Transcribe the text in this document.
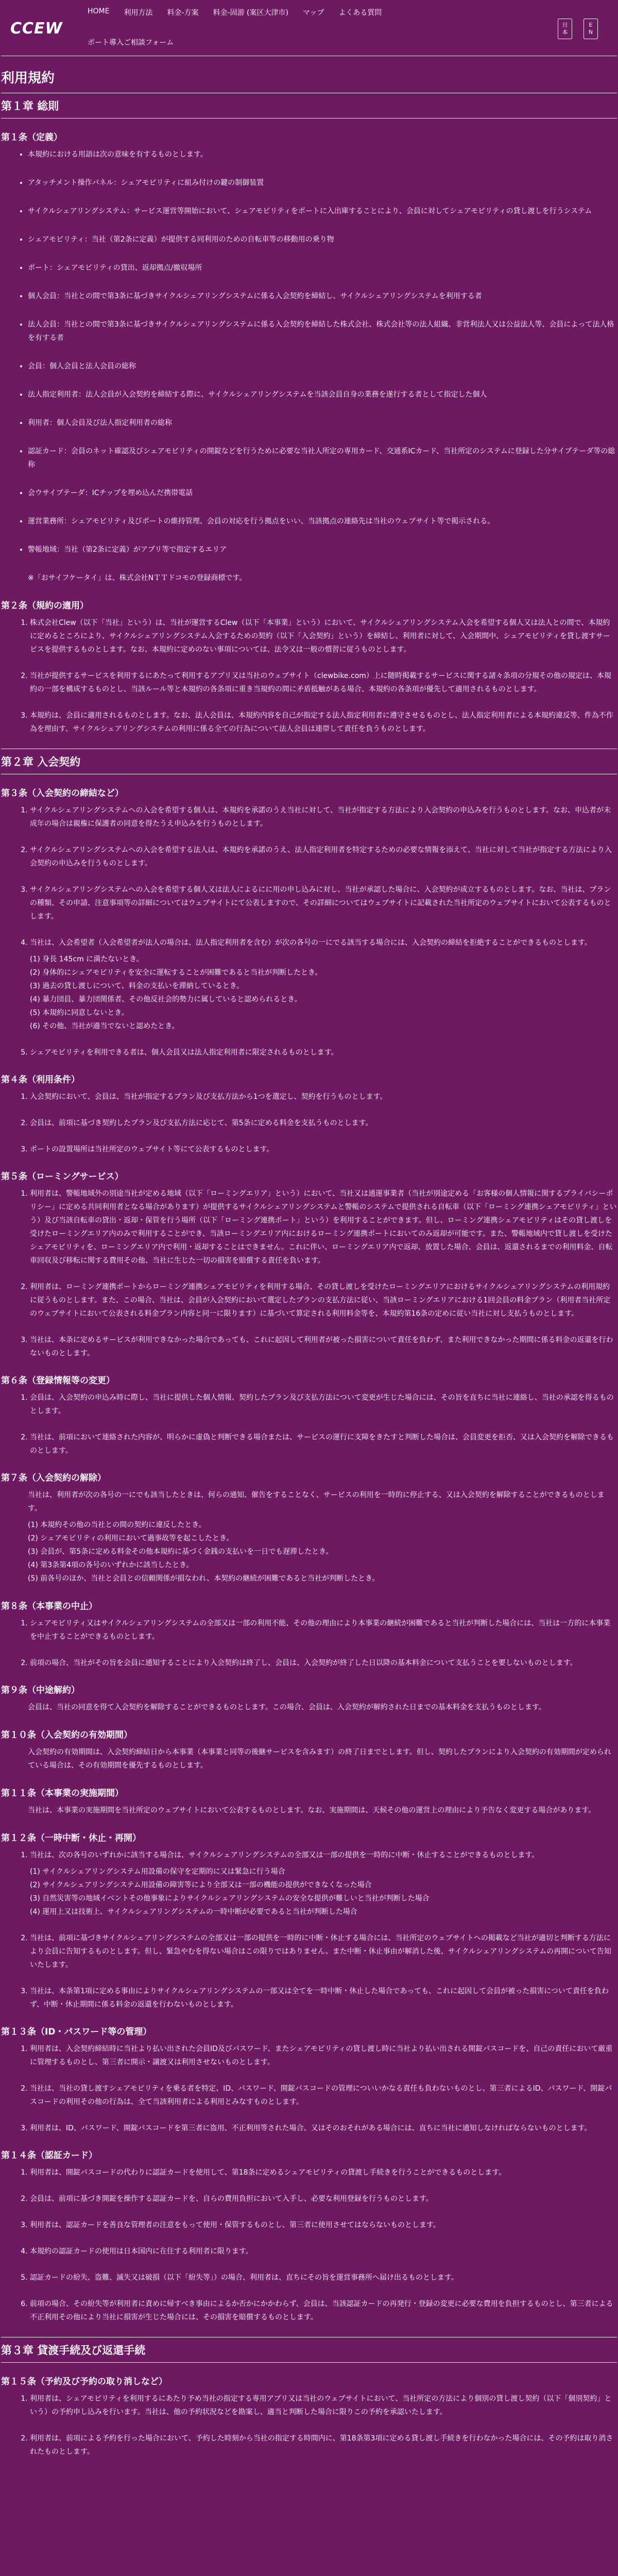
CCEW
HOME 利用方法 料金-方案 料金-固游 (案区大津市) マップ よくある質問
ポート導入ご相談フォーム
日
本
E
N
利用規約
第１章 総則
第１条（定義）
• 本規約における用語は次の意味を有するものとします。
• アタッチメント操作パネル：シェアモビリティに組み付けの鍵の制御装置
• サイクルシェアリングシステム：サービス運営等開始において、シェアモビリティをポートに入出庫することにより、会員に対してシェアモビリティの貸し渡しを行うシステム
• シェアモビリティ：当社（第2条に定義）が提供する同利用のための自転車等の移動用の乗り物
• ポート：シェアモビリティの貸出、返却拠点/撤収場所
• 個人会員：当社との間で第3条に基づきサイクルシェアリングシステムに係る入会契約を締結し、サイクルシェアリングシステムを利用する者
• 法人会員：当社との間で第3条に基づきサイクルシェアリングシステムに係る入会契約を締結した株式会社、株式会社等の法人組織、非営利法人又は公益法人等、会員によって法人格を有する者
• 会員：個人会員と法人会員の総称
• 法人指定利用者：法人会員が入会契約を締結する際に、サイクルシェアリングシステムを当該会員自身の業務を遂行する者として指定した個人
• 利用者：個人会員及び法人指定利用者の総称
• 認証カード：会員のネット確認及びシェアモビリティの開錠などを行うために必要な当社人所定の専用カード、交通系ICカード、当社所定のシステムに登録した分サイプテーダ等の総称
• 会ウサイブテーダ：ICチップを埋め込んだ携帯電話
• 運営業務所：シェアモビリティ及びポートの維持管理、会員の対応を行う拠点をいい、当該拠点の連絡先は当社のウェブサイト等で掲示される。
• 警帳地域：当社（第2条に定義）がアプリ等で指定するエリア
※「おサイフケータイ」は、株式会社NＴＴドコモの登録商標です。
第２条（規約の適用）
1. 株式会社Clew（以下「当社」という）は、当社が運営するClew（以下「本事業」という）において、サイクルシェアリングシステム入会を希望する個人又は法人との間で、本規約に定めるところにより、サイクルシェアリングシステム入会するための契約（以下「入会契約」という）を締結し、利用者に対して、入会期間中、シェアモビリティを貸し渡すサービスを提供するものとします。なお、本規約に定めのない事項については、法令又は一般の慣習に従うものとします。
2. 当社が提供するサービスを利用するにあたって利用するアプリ又は当社のウェブサイト（clewbike.com）上に随時掲載するサービスに関する諸々条項の分規その他の規定は、本規約の一部を構成するものとし、当該ルール等と本規約の各条項に重き当規約の間に矛盾抵触がある場合、本規約の各条項が優先して適用されるものとします。
3. 本規約は、会員に適用されるものとします。なお、法人会員は、本規約内容を自己が指定する法人指定利用者に遵守させるものとし、法人指定利用者による本規約違反等、件為不作為を理由す、サイクルシェアリングシステムの利用に係る全ての行為について法人会員は連帯して責任を負うものとします。
第２章 入会契約
第３条（入会契約の締結など）
1. サイクルシェアリングシステムへの入会を希望する個人は、本規約を承諾のうえ当社に対して、当社が指定する方法により入会契約の申込みを行うものとします。なお、申込者が未成年の場合は親権に保護者の同意を得たうえ申込みを行うものとします。
2. サイクルシェアリングシステムへの入会を希望する法人は、本規約を承諾のうえ、法人指定利用者を特定するための必要な情報を添えて、当社に対して当社が指定する方法により入会契約の申込みを行うものとします。
3. サイクルシェアリングシステムへの入会を希望する個人又は法人によるにに用の申し込みに対し、当社が承認した場合に、入会契約が成立するものとします。なお、当社は、プランの種類、その申請、注意事項等の詳細についてはウェブサイトにて公表しますので、その詳細についてはウェブサイトに記載された当社所定のウェブサイトにおいて公表するものとします。
4. 当社は、入会希望者（入会希望者が法人の場合は、法人指定利用者を含む）が次の各号の一にでる該当する場合には、入会契約の締結を拒絶することができるものとします。
(1) 身長 145cm に満たないとき。
(2) 身体的にシェアモビリティを安全に運転することが困難であると当社が判断したとき。
(3) 過去の貸し渡しについて、料金の支払いを滞納しているとき。
(4) 暴力団員、暴力団関係者、その他反社会的勢力に属していると認められるとき。
(5) 本規約に同意しないとき。
(6) その他、当社が適当でないと認めたとき。
5. シェアモビリティを利用できる者は、個人会員又は法人指定利用者に限定されるものとします。
第４条（利用条件）
1. 入会契約において、会員は、当社が指定するプラン及び支払方法から1つを選定し、契約を行うものとします。
2. 会員は、前項に基づき契約したプラン及び支払方法に応じて、第5条に定める料金を支払うものとします。
3. ポートの設置場所は当社所定のウェブサイト等にて公表するものとします。
第５条（ローミングサービス）
1. 利用者は、警帳地域外の別途当社が定める地域（以下「ローミングエリア」という）において、当社又は通運事業者（当社が別途定める「お客様の個人情報に関するプライバシーポリシー」に定める共同利用者となる場合があります）が提供するサイクルシェアリングシステムと警帳のシステムで提供される自転車（以下「ローミング連携シェアモビリティ」という）及び当該自転車の貸出・返却・保管を行う場所（以下「ローミング連携ポート」という）を利用することができます。但し、ローミング連携シェアモビリティはその貸し渡しを受けたローミングエリア内のみで利用することができ、当該ローミングエリア内におけるローミング連携ポートにおいてのみ返却が可能です。また、警帳地域内で貸し渡しを受けたシェアモビリティを、ローミングエリア内で利用・返却することはできません。これに伴い、ローミングエリア内で返却、放置した場合、会員は、返還されるまでの利用料金、自転車回収及び移転に関する費用その他、当社に生じた一切の損害を賠償する責任を負います。
2. 利用者は、ローミング連携ポートからローミング連携シェアモビリティを利用する場合、その貸し渡しを受けたローミングエリアにおけるサイクルシェアリングシステムの利用規約に従うものとします。また、この場合、当社は、会員が入会契約において選定したプランの支払方法に従い、当該ローミングエリアにおける1回会員の料金プラン（利用者当社所定のウェブサイトにおいて公表される料金プラン内容と同一に限ります）に基づいて算定される利用料金等を、本規約第16条の定めに従い当社に対し支払うものとします。
3. 当社は、本条に定めるサービスが利用できなかった場合であっても、これに起因して利用者が被った損害について責任を負わず、また利用できなかった期間に係る料金の返還を行わないものとします。
第６条（登録情報等の変更）
1. 会員は、入会契約の申込み時に際し、当社に提供した個人情報、契約したプラン及び支払方法について変更が生じた場合には、その旨を直ちに当社に連絡し、当社の承認を得るものとします。
2. 当社は、前項において連絡された内容が、明らかに虚偽と判断できる場合または、サービスの運行に支障をきたすと判断した場合は、会員変更を拒否、又は入会契約を解除できるものとします。
第７条（入会契約の解除）
当社は、利用者が次の各号の一にでも該当したときは、何らの通知、催告をすることなく、サービスの利用を一時的に停止する、又は入会契約を解除することができるものとします。
(1) 本規約その他の当社との間の契約に違反したとき。
(2) シェアモビリティの利用において過事故等を起こしたとき。
(3) 会員が、第5条に定める料金その他本規約に基づく金銭の支払いを一日でも遅滞したとき。
(4) 第3条第4項の各号のいずれかに該当したとき。
(5) 前各号のほか、当社と会員との信頼関係が損なわれ、本契約の継続が困難であると当社が判断したとき。
第８条（本事業の中止）
1. シェアモビリティ又はサイクルシェアリングシステムの全部又は一部の利用不能、その他の理由により本事業の継続が困難であると当社が判断した場合には、当社は一方的に本事業を中止することができるものとします。
2. 前項の場合、当社がその旨を会員に通知することにより入会契約は終了し、会員は、入会契約が終了した日以降の基本料金について支払うことを要しないものとします。
第９条（中途解約）
会員は、当社の同意を得て入会契約を解除することができるものとします。この場合、会員は、入会契約が解約された日までの基本料金を支払うものとします。
第１０条（入会契約の有効期間）
入会契約の有効期間は、入会契約締結日から本事業（本事業と同等の後継サービスを含みます）の終了日までとします。但し、契約したプランにより入会契約の有効期間が定められている場合は、その有効期間を優先するものとします。
第１１条（本事業の実施期間）
当社は、本事業の実施期間を当社所定のウェブサイトにおいて公表するものとします。なお、実施期間は、天候その他の運営上の理由により予告なく変更する場合があります。
第１２条（一時中断・休止・再開）
1. 当社は、次の各号のいずれかに該当する場合は、サイクルシェアリングシステムの全部又は一部の提供を一時的に中断・休止することができるものとします。
(1) サイクルシェアリングシステム用設備の保守を定期的に又は緊急に行う場合
(2) サイクルシェアリングシステム用設備の障害等により全部又は一部の機能の提供ができなくなった場合
(3) 自然災害等の地域イベントその他事象によりサイクルシェアリングシステムの安全な提供が難しいと当社が判断した場合
(4) 運用上又は技術上、サイクルシェアリングシステムの一時中断が必要であると当社が判断した場合
2. 当社は、前項に基づきサイクルシェアリングシステムの全部又は一部の提供を一時的に中断・休止する場合には、当社所定のウェブサイトへの掲載など当社が適切と判断する方法により会員に告知するものとします。但し、緊急やむを得ない場合はこの限りではありません。また中断・休止事由が解消した後、サイクルシェアリングシステムの再開について告知いたします。
3. 当社は、本条第1項に定める事由によりサイクルシェアリングシステムの一部又は全てを一時中断・休止した場合であっても、これに起因して会員が被った損害について責任を負わず、中断・休止期間に係る料金の返還を行わないものとします。
第１３条（ID・パスワード等の管理）
1. 利用者は、入会契約締結時に当社より払い出された会員ID及びパスワード、またシェアモビリティの貸し渡し時に当社より払い出される開錠パスコードを、自己の責任において厳重に管理するものとし、第三者に開示・譲渡又は利用させないものとします。
2. 当社は、当社の貸し渡すシェアモビリティを乗る者を特定、ID、パスワード、開錠パスコードの管理についいかなる責任も負わないものとし、第三者によるID、パスワード、開錠パスコードの利用その他の行為は、全て当該利用者による利用とみなすものとします。
3. 利用者は、ID、パスワード、開錠パスコードを第三者に盗用、不正利用等された場合、又はそのおそれがある場合には、直ちに当社に通知しなければならないものとします。
第１４条（認証カード）
1. 利用者は、開錠パスコードの代わりに認証カードを使用して、第18条に定めるシェアモビリティの貸渡し手続きを行うことができるものとします。
2. 会員は、前項に基づき開錠を操作する認証カードを、自らの費用負担において入手し、必要な利用登録を行うものとします。
3. 利用者は、認証カードを善良な管理者の注意をもって使用・保管するものとし、第三者に使用させてはならないものとします。
4. 本規約の認証カードの使用は日本国内に在住する利用者に限ります。
5. 認証カードの紛失、盗難、滅失又は破損（以下「紛失等」）の場合、利用者は、直ちにその旨を運営事務所へ届け出るものとします。
6. 前項の場合、その紛失等が利用者に責めに帰すべき事由によるか否かにかかわらず、会員は、当該認証カードの再発行・登録の変更に必要な費用を負担するものとし、第三者による不正利用その他により当社に損害が生じた場合には、その損害を賠償するものとします。
第３章 貸渡手続及び返還手続
第１５条（予約及び予約の取り消しなど）
1. 利用者は、シェアモビリティを利用するにあたり予め当社の指定する専用アプリ又は当社のウェブサイトにおいて、当社所定の方法により個別の貸し渡し契約（以下「個別契約」という）の予約申し込みを行います。当社は、他の予約状況などを勘案し、適当と判断した場合に限りこの予約を承認いたします。
2. 利用者は、前項による予約を行った場合において、予約した時刻から当社の指定する時間内に、第18条第3項に定める貸し渡し手続きを行わなかった場合には、その予約は取り消されたものとします。
